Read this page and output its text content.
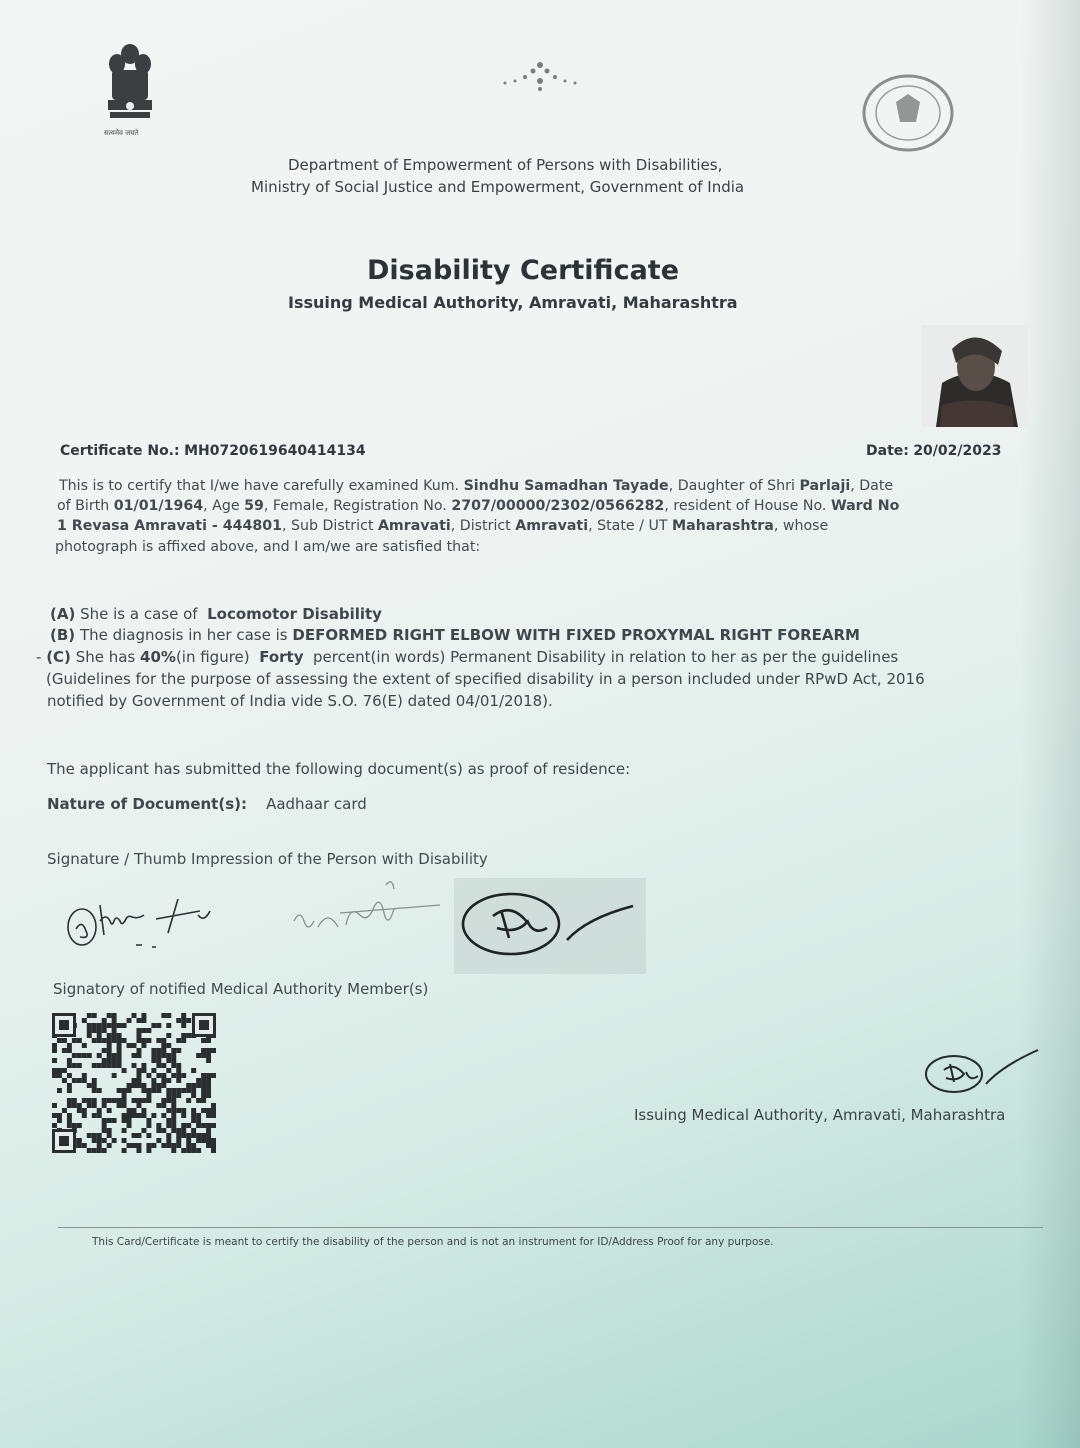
सत्यमेव जयते
Department of Empowerment of Persons with Disabilities,
Ministry of Social Justice and Empowerment, Government of India
Disability Certificate
Issuing Medical Authority, Amravati, Maharashtra
Certificate No.: MH0720619640414134	Date: 20/02/2023
This is to certify that I/we have carefully examined Kum. Sindhu Samadhan Tayade, Daughter of Shri Parlaji, Date
of Birth 01/01/1964, Age 59, Female, Registration No. 2707/00000/2302/0566282, resident of House No. Ward No
1 Revasa Amravati - 444801, Sub District Amravati, District Amravati, State / UT Maharashtra, whose
photograph is affixed above, and I am/we are satisfied that:
(A) She is a case of Locomotor Disability
(B) The diagnosis in her case is DEFORMED RIGHT ELBOW WITH FIXED PROXYMAL RIGHT FOREARM
- (C) She has 40%(in figure) Forty percent(in words) Permanent Disability in relation to her as per the guidelines
(Guidelines for the purpose of assessing the extent of specified disability in a person included under RPwD Act, 2016
notified by Government of India vide S.O. 76(E) dated 04/01/2018).
The applicant has submitted the following document(s) as proof of residence:
Nature of Document(s): Aadhaar card
Signature / Thumb Impression of the Person with Disability
Signatory of notified Medical Authority Member(s)
Issuing Medical Authority, Amravati, Maharashtra
This Card/Certificate is meant to certify the disability of the person and is not an instrument for ID/Address Proof for any purpose.
